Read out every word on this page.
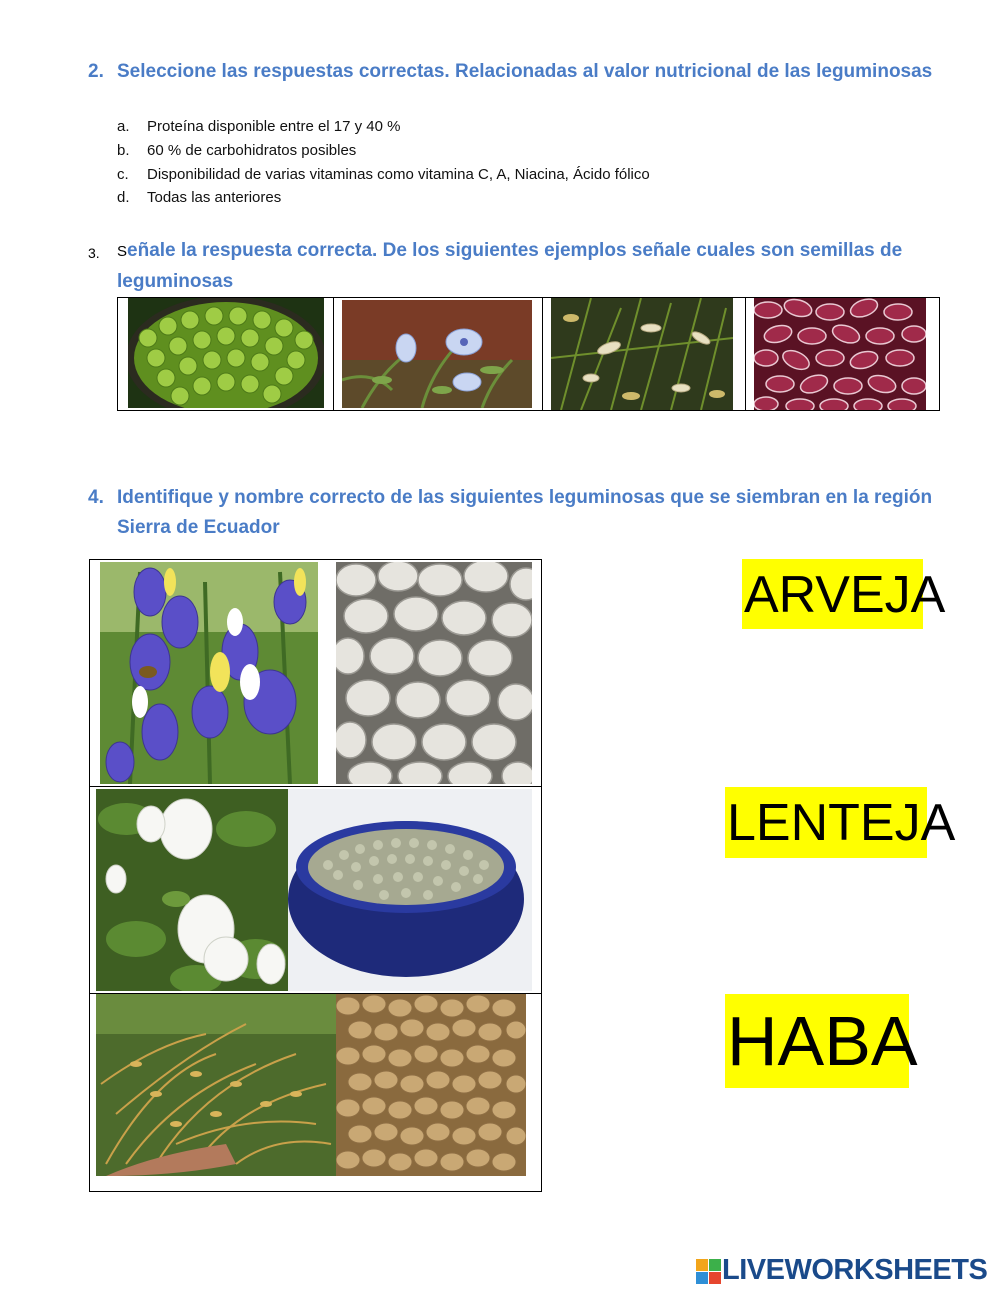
2. Seleccione las respuestas correctas. Relacionadas al valor nutricional de las leguminosas
a.	Proteína disponible entre el 17 y 40 %
b.	60 % de carbohidratos posibles
c.	Disponibilidad de varias vitaminas como vitamina C, A, Niacina, Ácido fólico
d.	Todas las anteriores
3. Señale la respuesta correcta. De los siguientes ejemplos señale cuales son semillas de leguminosas
4. Identifique y nombre correcto de las siguientes leguminosas que se siembran en la región Sierra de Ecuador
ARVEJA
LENTEJA
HABA
LIVEWORKSHEETS
